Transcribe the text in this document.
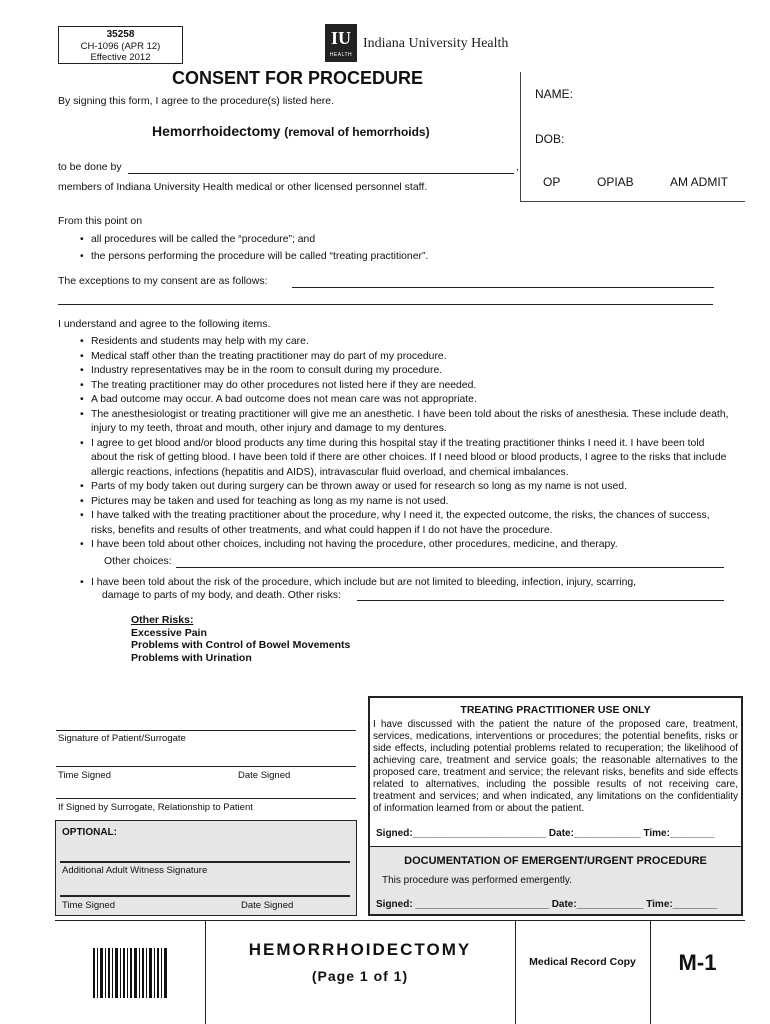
35258
CH-1096 (APR 12)
Effective 2012
IU
HEALTH
Indiana University Health
CONSENT FOR PROCEDURE
By signing this form, I agree to the procedure(s) listed here.
Hemorrhoidectomy (removal of hemorrhoids)
NAME:
DOB:
OP	OPIAB	AM ADMIT
to be done by	,
members of Indiana University Health medical or other licensed personnel staff.
From this point on
• all procedures will be called the “procedure”; and
• the persons performing the procedure will be called “treating practitioner”.
The exceptions to my consent are as follows:
I understand and agree to the following items.
• Residents and students may help with my care.
• Medical staff other than the treating practitioner may do part of my procedure.
• Industry representatives may be in the room to consult during my procedure.
• The treating practitioner may do other procedures not listed here if they are needed.
• A bad outcome may occur. A bad outcome does not mean care was not appropriate.
• The anesthesiologist or treating practitioner will give me an anesthetic. I have been told about the risks of anesthesia. These include death, injury to my teeth, throat and mouth, other injury and damage to my dentures.
• I agree to get blood and/or blood products any time during this hospital stay if the treating practitioner thinks I need it. I have been told about the risk of getting blood. I have been told if there are other choices. If I need blood or blood products, I agree to the risks that include allergic reactions, infections (hepatitis and AIDS), intravascular fluid overload, and chemical imbalances.
• Parts of my body taken out during surgery can be thrown away or used for research so long as my name is not used.
• Pictures may be taken and used for teaching as long as my name is not used.
• I have talked with the treating practitioner about the procedure, why I need it, the expected outcome, the risks, the chances of success, risks, benefits and results of other treatments, and what could happen if I do not have the procedure.
• I have been told about other choices, including not having the procedure, other procedures, medicine, and therapy.
Other choices:
• I have been told about the risk of the procedure, which include but are not limited to bleeding, infection, injury, scarring,
damage to parts of my body, and death. Other risks:
Other Risks:
Excessive Pain
Problems with Control of Bowel Movements
Problems with Urination
Signature of Patient/Surrogate
Time Signed	Date Signed
If Signed by Surrogate, Relationship to Patient
OPTIONAL:
Additional Adult Witness Signature
Time Signed	Date Signed
TREATING PRACTITIONER USE ONLY
I have discussed with the patient the nature of the proposed care, treatment, services, medications, interventions or procedures; the potential benefits, risks or side effects, including potential problems related to recuperation; the likelihood of achieving care, treatment and service goals; the reasonable alternatives to the proposed care, treatment and service; the relevant risks, benefits and side effects related to alternatives, including the possible results of not receiving care, treatment and services; and when indicated, any limitations on the confidentiality of information learned from or about the patient.
Signed:________________________ Date:____________ Time:________
DOCUMENTATION OF EMERGENT/URGENT PROCEDURE
This procedure was performed emergently.
Signed: ________________________ Date:____________ Time:________
HEMORRHOIDECTOMY
(Page 1 of 1)
Medical Record Copy	M-1
